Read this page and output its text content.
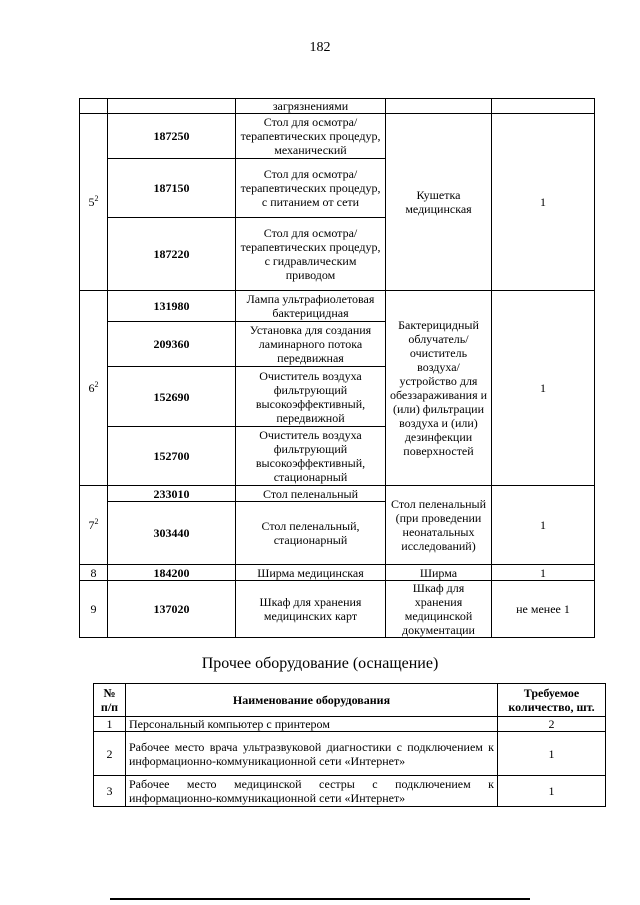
182
		загрязнениями		
$5^2$	187250	Стол для осмотра/терапевтических процедур, механический	Кушетка медицинская	1
	187150	Стол для осмотра/терапевтических процедур, с питанием от сети		
	187220	Стол для осмотра/терапевтических процедур, с гидравлическим приводом		
$6^2$	131980	Лампа ультрафиолетовая бактерицидная	Бактерицидный облучатель/ очиститель воздуха/ устройство для обеззараживания и (или) фильтрации воздуха и (или) дезинфекции поверхностей	1
	209360	Установка для создания ламинарного потока передвижная		
	152690	Очиститель воздуха фильтрующий высокоэффективный, передвижной		
	152700	Очиститель воздуха фильтрующий высокоэффективный, стационарный		
$7^2$	233010	Стол пеленальный	Стол пеленальный (при проведении неонатальных исследований)	1
	303440	Стол пеленальный, стационарный		
8	184200	Ширма медицинская	Ширма	1
9	137020	Шкаф для хранения медицинских карт	Шкаф для хранения медицинской документации	не менее 1
Прочее оборудование (оснащение)
№ п/п	Наименование оборудования	Требуемое количество, шт.
1	Персональный компьютер с принтером	2
2	Рабочее место врача ультразвуковой диагностики с подключением к информационно-коммуникационной сети «Интернет»	1
3	Рабочее место медицинской сестры с подключением к информационно-коммуникационной сети «Интернет»	1
